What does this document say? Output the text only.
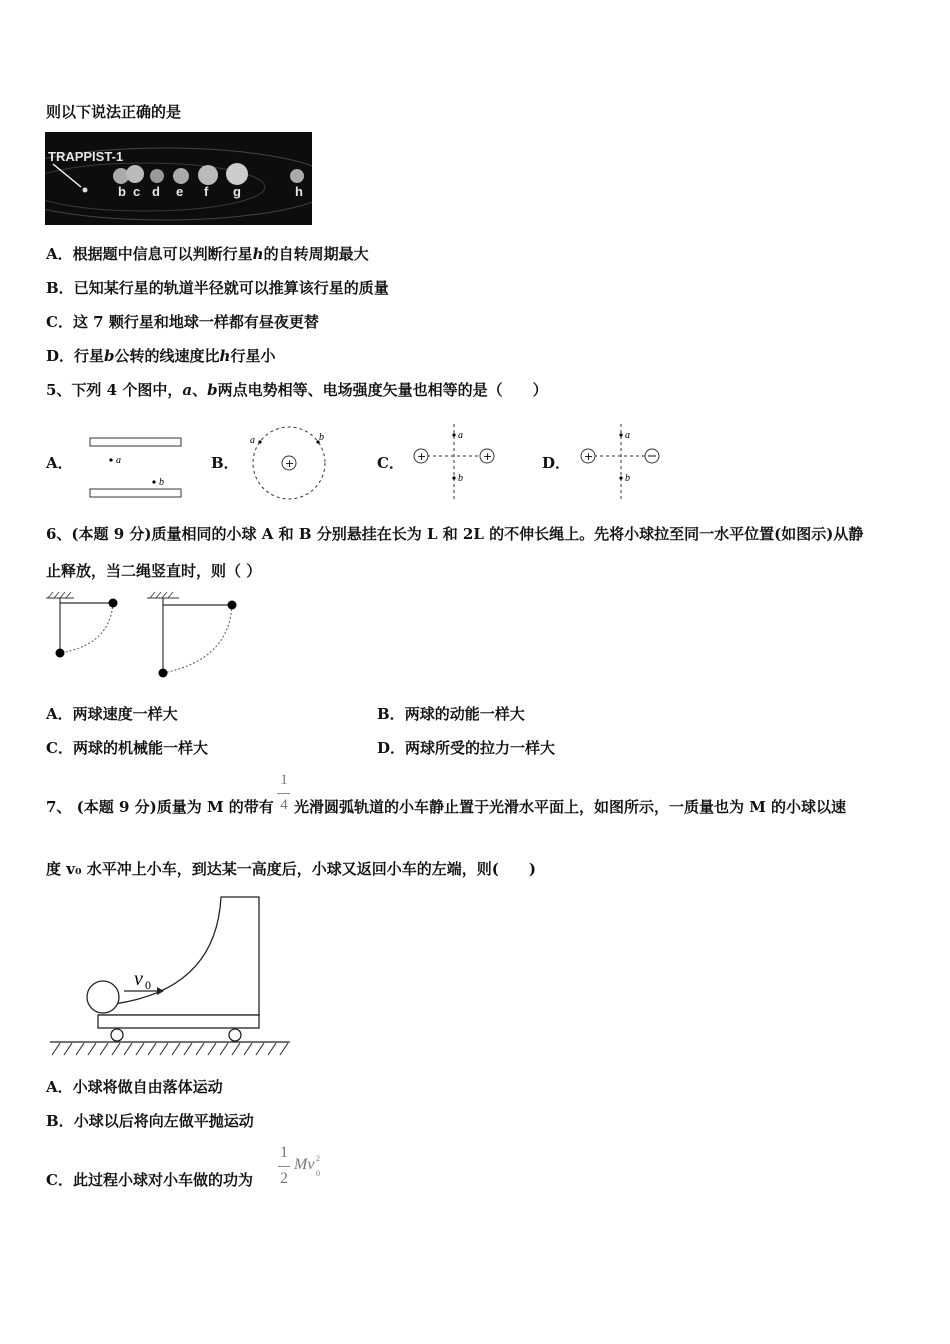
则以下说法正确的是
TRAPPIST-1
b c d e f g	h
A．根据题中信息可以判断行星h的自转周期最大
B．已知某行星的轨道半径就可以推算该行星的质量
C．这 7 颗行星和地球一样都有昼夜更替
D．行星b公转的线速度比h行星小
5、下列 4 个图中，a、b两点电势相等、电场强度矢量也相等的是（　　）
A．	B．	C．	D．
a
b
+
a	b
+	+
a
b
+
a
b
6、(本题 9 分)质量相同的小球 A 和 B 分别悬挂在长为 L 和 2L 的不伸长绳上。先将小球拉至同一水平位置(如图示)从静
止释放，当二绳竖直时，则（ ）
A．两球速度一样大	B．两球的动能一样大
C．两球的机械能一样大	D．两球所受的拉力一样大
7、 (本题 9 分)质量为 M 的带有
1
4 光滑圆弧轨道的小车静止置于光滑水平面上，如图所示，一质量也为 M 的小球以速
度 v₀ 水平冲上小车，到达某一高度后，小球又返回小车的左端，则(　　)
v 0
A．小球将做自由落体运动
B．小球以后将向左做平抛运动
C．此过程小球对小车做的功为
1
2
Mv 2
0
